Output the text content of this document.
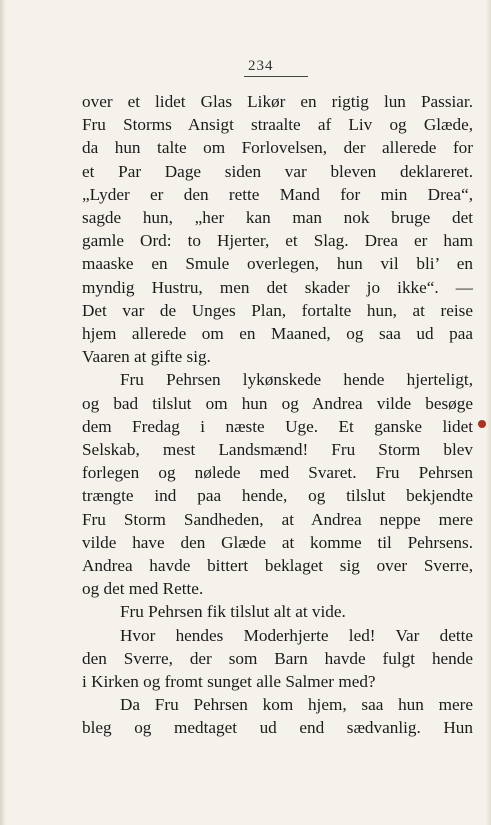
234
over et lidet Glas Likør en rigtig lun Passiar.
Fru Storms Ansigt straalte af Liv og Glæde,
da hun talte om Forlovelsen, der allerede for
et Par Dage siden var bleven deklareret.
„Lyder er den rette Mand for min Drea“,
sagde hun, „her kan man nok bruge det
gamle Ord: to Hjerter, et Slag. Drea er ham
maaske en Smule overlegen, hun vil bli’ en
myndig Hustru, men det skader jo ikke“. —
Det var de Unges Plan, fortalte hun, at reise
hjem allerede om en Maaned, og saa ud paa
Vaaren at gifte sig.
Fru Pehrsen lykønskede hende hjerteligt,
og bad tilslut om hun og Andrea vilde besøge
dem Fredag i næste Uge. Et ganske lidet
Selskab, mest Landsmænd! Fru Storm blev
forlegen og nølede med Svaret. Fru Pehrsen
trængte ind paa hende, og tilslut bekjendte
Fru Storm Sandheden, at Andrea neppe mere
vilde have den Glæde at komme til Pehrsens.
Andrea havde bittert beklaget sig over Sverre,
og det med Rette.
Fru Pehrsen fik tilslut alt at vide.
Hvor hendes Moderhjerte led! Var dette
den Sverre, der som Barn havde fulgt hende
i Kirken og fromt sunget alle Salmer med?
Da Fru Pehrsen kom hjem, saa hun mere
bleg og medtaget ud end sædvanlig. Hun
